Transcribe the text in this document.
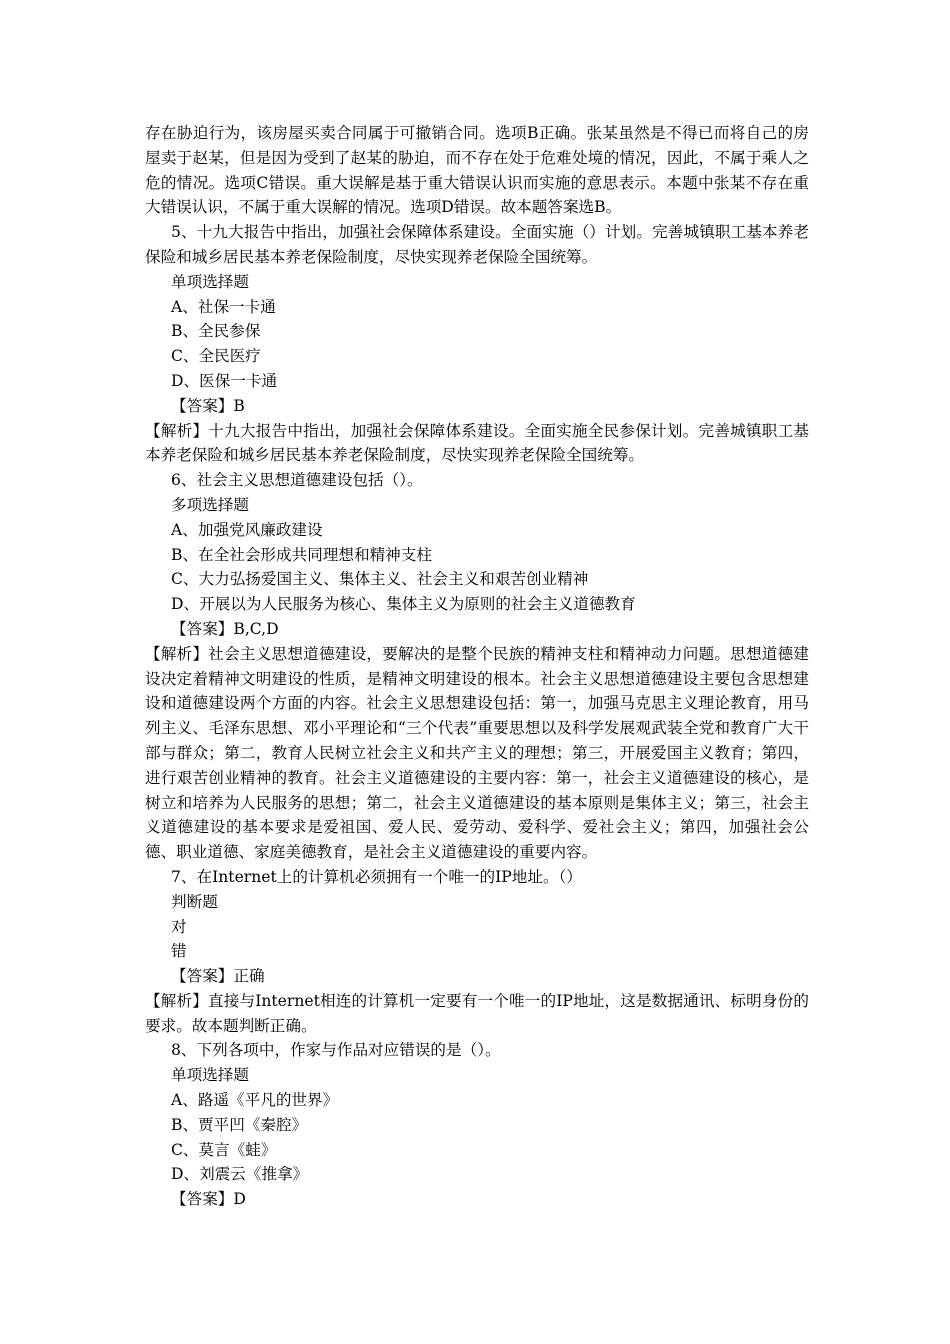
存在胁迫行为，该房屋买卖合同属于可撤销合同。选项B正确。张某虽然是不得已而将自己的房屋卖于赵某，但是因为受到了赵某的胁迫，而不存在处于危难处境的情况，因此，不属于乘人之危的情况。选项C错误。重大误解是基于重大错误认识而实施的意思表示。本题中张某不存在重大错误认识，不属于重大误解的情况。选项D错误。故本题答案选B。

5、十九大报告中指出，加强社会保障体系建设。全面实施（）计划。完善城镇职工基本养老保险和城乡居民基本养老保险制度，尽快实现养老保险全国统筹。

单项选择题

A、社保一卡通

B、全民参保

C、全民医疗

D、医保一卡通

【答案】B

【解析】十九大报告中指出，加强社会保障体系建设。全面实施全民参保计划。完善城镇职工基本养老保险和城乡居民基本养老保险制度，尽快实现养老保险全国统筹。

6、社会主义思想道德建设包括（）。

多项选择题

A、加强党风廉政建设

B、在全社会形成共同理想和精神支柱

C、大力弘扬爱国主义、集体主义、社会主义和艰苦创业精神

D、开展以为人民服务为核心、集体主义为原则的社会主义道德教育

【答案】B,C,D

【解析】社会主义思想道德建设，要解决的是整个民族的精神支柱和精神动力问题。思想道德建设决定着精神文明建设的性质，是精神文明建设的根本。社会主义思想道德建设主要包含思想建设和道德建设两个方面的内容。社会主义思想建设包括：第一，加强马克思主义理论教育，用马列主义、毛泽东思想、邓小平理论和“三个代表”重要思想以及科学发展观武装全党和教育广大干部与群众；第二，教育人民树立社会主义和共产主义的理想；第三，开展爱国主义教育；第四，进行艰苦创业精神的教育。社会主义道德建设的主要内容：第一，社会主义道德建设的核心，是树立和培养为人民服务的思想；第二，社会主义道德建设的基本原则是集体主义；第三，社会主义道德建设的基本要求是爱祖国、爱人民、爱劳动、爱科学、爱社会主义；第四，加强社会公德、职业道德、家庭美德教育，是社会主义道德建设的重要内容。

7、在Internet上的计算机必须拥有一个唯一的IP地址。（）

判断题

对

错

【答案】正确

【解析】直接与Internet相连的计算机一定要有一个唯一的IP地址，这是数据通讯、标明身份的要求。故本题判断正确。

8、下列各项中，作家与作品对应错误的是（）。

单项选择题

A、路遥《平凡的世界》

B、贾平凹《秦腔》

C、莫言《蛙》

D、刘震云《推拿》

【答案】D
